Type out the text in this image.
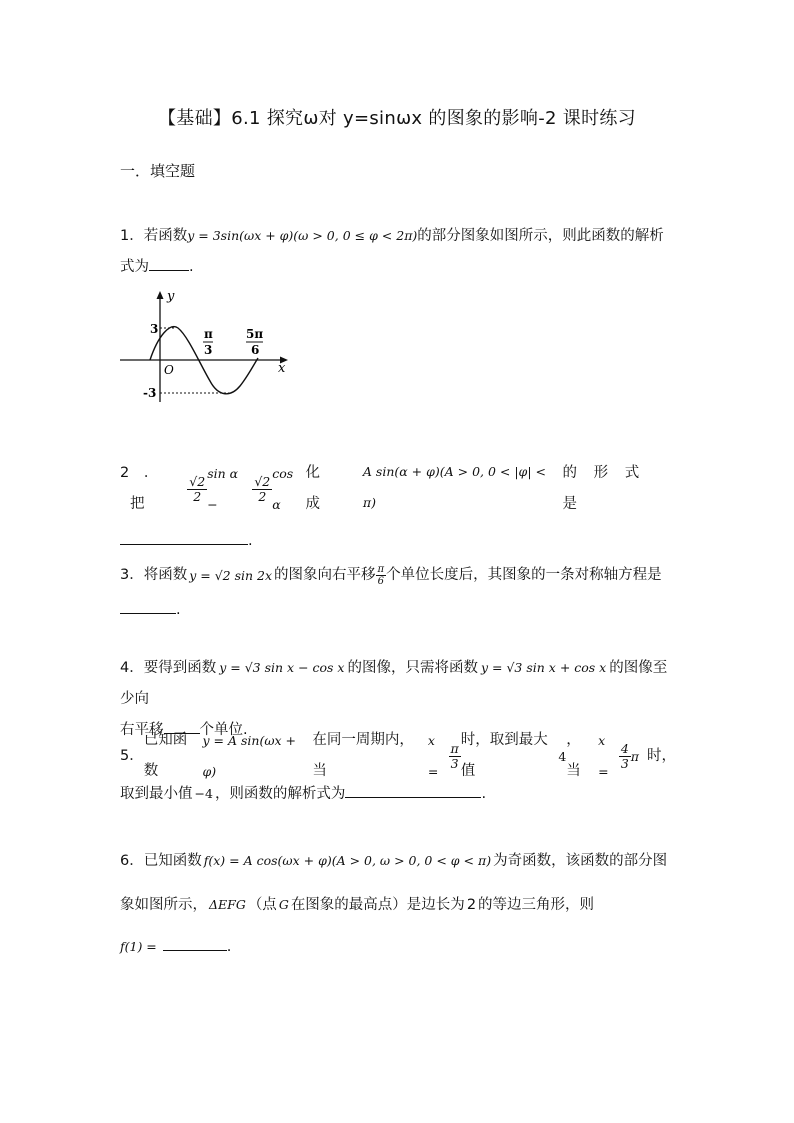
【基础】6.1 探究ω对 y=sinωx 的图象的影响-2 课时练习
一．填空题
1．若函数y = 3sin(ωx + φ)(ω > 0, 0 ≤ φ < 2π)的部分图象如图所示，则此函数的解析
式为	.
y
x
O
3
-3
π
3
5π
6
2 ． 把
$\frac{√2}{2}$
sin α −
$\frac{√2}{2}$
cos α
化 成
A sin(α + φ)(A > 0, 0 < |φ| < π)
的 形 式 是
.
3． 将函数 y = √2 sin 2x 的图象向右平移 $\frac{\pi}{6}$ 个单位长度后，其图象的一条对称轴方程是
.
4．要得到函数 y = √3 sin x − cos x 的图像，只需将函数 y = √3 sin x + cos x 的图像至少向
右平移 个单位.
5．
已知函数
y = A sin(ωx + φ)
在同一周期内，当
x =
$\frac{\pi}{3}$
时，取到最大值
4
，当
x =
$\frac{4}{3}$ π 时，
取到最小值 −4 ，则函数的解析式为	.
6．已知函数 f(x) = A cos(ωx + φ)(A > 0, ω > 0, 0 < φ < π) 为奇函数，该函数的部分图
象如图所示， ΔEFG （点 G 在图象的最高点）是边长为 2 的等边三角形，则
f(1) =	.
